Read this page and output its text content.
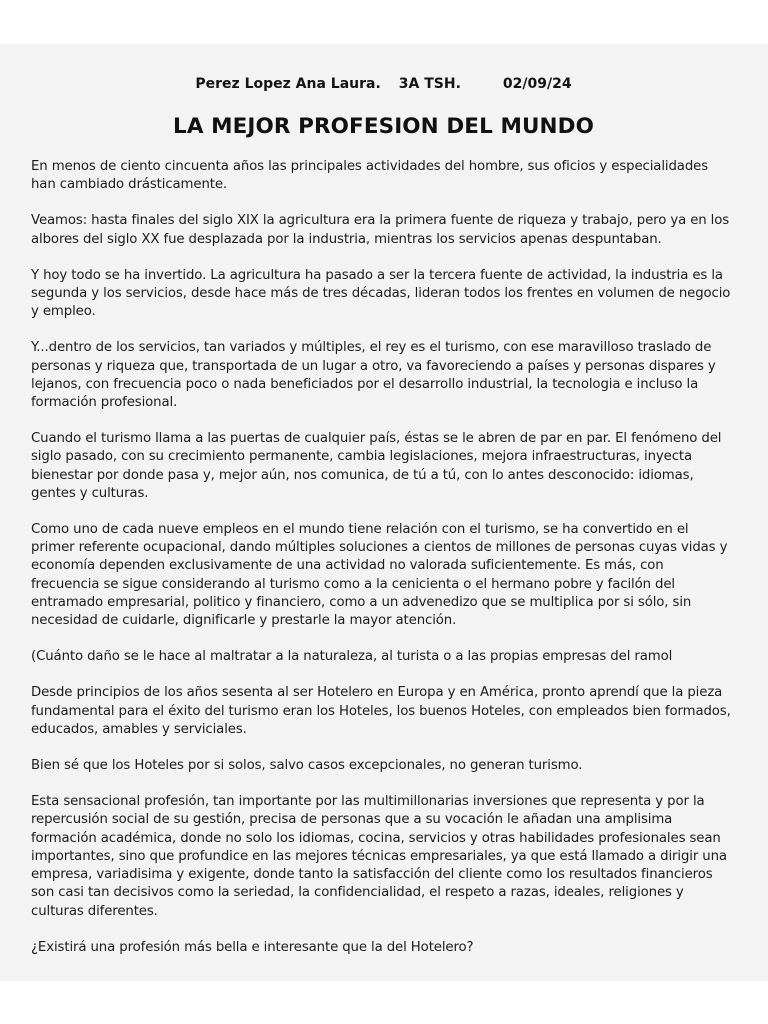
Perez Lopez Ana Laura. 3A TSH.	02/09/24
LA MEJOR PROFESION DEL MUNDO

En menos de ciento cincuenta años las principales actividades del hombre, sus oficios y especialidades han cambiado drásticamente.

Veamos: hasta finales del siglo XIX la agricultura era la primera fuente de riqueza y trabajo, pero ya en los albores del siglo XX fue desplazada por la industria, mientras los servicios apenas despuntaban.

Y hoy todo se ha invertido. La agricultura ha pasado a ser la tercera fuente de actividad, la industria es la segunda y los servicios, desde hace más de tres décadas, lideran todos los frentes en volumen de negocio y empleo.

Y...dentro de los servicios, tan variados y múltiples, el rey es el turismo, con ese maravilloso traslado de personas y riqueza que, transportada de un lugar a otro, va favoreciendo a países y personas dispares y lejanos, con frecuencia poco o nada beneficiados por el desarrollo industrial, la tecnologia e incluso la formación profesional.

Cuando el turismo llama a las puertas de cualquier país, éstas se le abren de par en par. El fenómeno del siglo pasado, con su crecimiento permanente, cambia legislaciones, mejora infraestructuras, inyecta bienestar por donde pasa y, mejor aún, nos comunica, de tú a tú, con lo antes desconocido: idiomas, gentes y culturas.

Como uno de cada nueve empleos en el mundo tiene relación con el turismo, se ha convertido en el primer referente ocupacional, dando múltiples soluciones a cientos de millones de personas cuyas vidas y economía dependen exclusivamente de una actividad no valorada suficientemente. Es más, con frecuencia se sigue considerando al turismo como a la cenicienta o el hermano pobre y facilón del entramado empresarial, politico y financiero, como a un advenedizo que se multiplica por si sólo, sin necesidad de cuidarle, dignificarle y prestarle la mayor atención.

(Cuánto daño se le hace al maltratar a la naturaleza, al turista o a las propias empresas del ramol

Desde principios de los años sesenta al ser Hotelero en Europa y en América, pronto aprendí que la pieza fundamental para el éxito del turismo eran los Hoteles, los buenos Hoteles, con empleados bien formados, educados, amables y serviciales.

Bien sé que los Hoteles por si solos, salvo casos excepcionales, no generan turismo.

Esta sensacional profesión, tan importante por las multimillonarias inversiones que representa y por la repercusión social de su gestión, precisa de personas que a su vocación le añadan una amplisima formación académica, donde no solo los idiomas, cocina, servicios y otras habilidades profesionales sean importantes, sino que profundice en las mejores técnicas empresariales, ya que está llamado a dirigir una empresa, variadisima y exigente, donde tanto la satisfacción del cliente como los resultados financieros son casi tan decisivos como la seriedad, la confidencialidad, el respeto a razas, ideales, religiones y culturas diferentes.

¿Existirá una profesión más bella e interesante que la del Hotelero?
